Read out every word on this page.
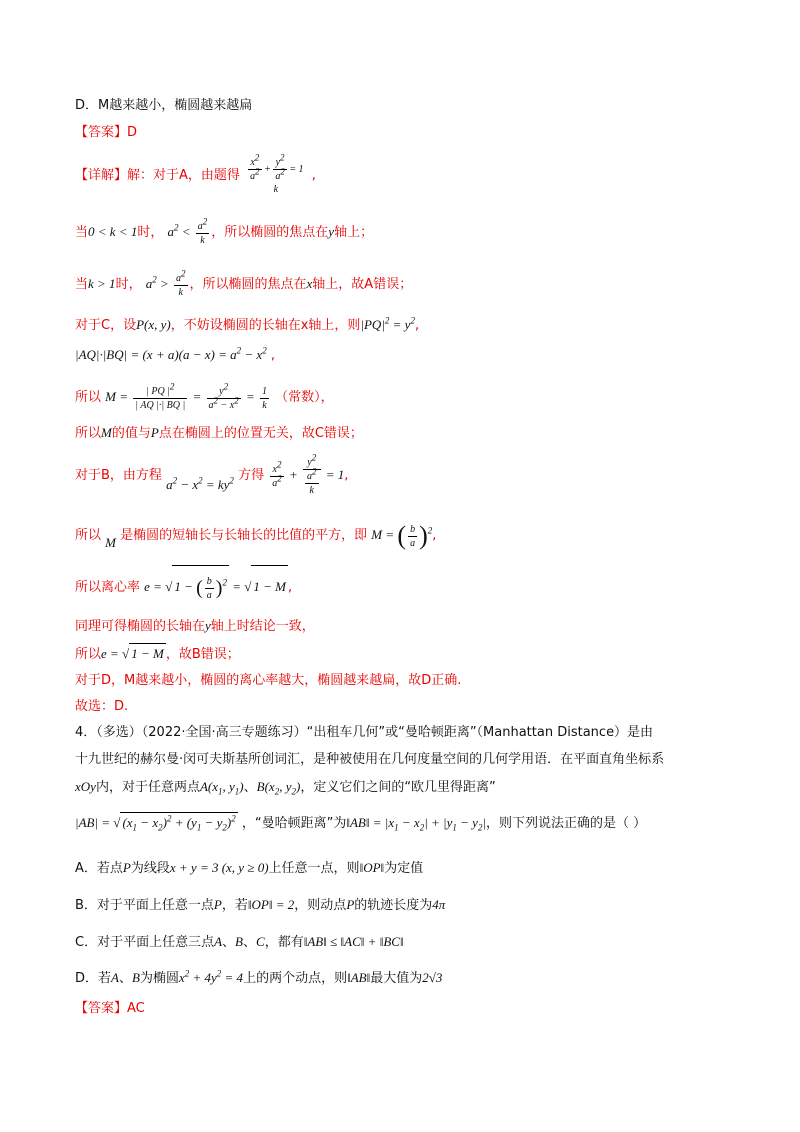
D．M越来越小，椭圆越来越扁
【答案】D
【详解】解：对于A，由题得 $\frac{x^2}{a^2} + \frac{y^2}{a^2} = 1$
k
,
当0 < k < 1时， $a^2 < \frac{a^2}{k}$ ，所以椭圆的焦点在y轴上；
当k > 1时， $a^2 > \frac{a^2}{k}$ ，所以椭圆的焦点在x轴上，故A错误；
对于C，设P(x, y)，不妨设椭圆的长轴在x轴上，则$|PQ|^2 = y^2$,
$|AQ|\cdot|BQ| = (x + a)(a - x) = a^2 - x^2$ ,
所以 $M = \frac{| PQ |^2}{| AQ |\cdot| BQ |} = \frac{y^2}{a^2 - x^2} = \frac{1}{k}$ （常数），
所以M的值与P点在椭圆上的位置无关，故C错误；
对于B，由方程 $a^2 - x^2 = ky^2$ 方得 $\frac{x^2}{a^2} + \frac{y^2}{\frac{a^2}{k}} = 1$,
所以 M 是椭圆的短轴长与长轴长的比值的平方，即 M = ( $\frac{b}{a} )^2$,
所以离心率 e = √ 1 − ( $\frac{b}{a} )^2$ = √ 1 − M ,
同理可得椭圆的长轴在y轴上时结论一致，
所以e = √ 1 − M ，故B错误；
对于D，M越来越小，椭圆的离心率越大，椭圆越来越扁，故D正确.
故选：D.
4．（多选）（2022·全国·高三专题练习）“出租车几何”或“曼哈顿距离”（Manhattan Distance）是由
十九世纪的赫尔曼·闵可夫斯基所创词汇，是种被使用在几何度量空间的几何学用语．在平面直角坐标系
xOy内，对于任意两点$A(x_1$, $y_1$)、$B(x_2$, $y_2$)，定义它们之间的“欧几里得距离”
|AB| = √ $(x_1 - x_2)^2 + (y_1 - y_2)^2$ ，“曼哈顿距离”为‖AB‖ = $|x_1 - x_2| + |y_1 - y_2|$，则下列说法正确的是（ ）
A．若点P为线段x + y = 3 (x, y ≥ 0)上任意一点，则‖OP‖为定值
B．对于平面上任意一点P，若‖OP‖ = 2，则动点P的轨迹长度为4π
C．对于平面上任意三点A、B、C，都有‖AB‖ ≤ ‖AC‖ + ‖BC‖
D．若A、B为椭圆$x^2 + 4y^2 = 4$上的两个动点，则‖AB‖最大值为2√3
【答案】AC
